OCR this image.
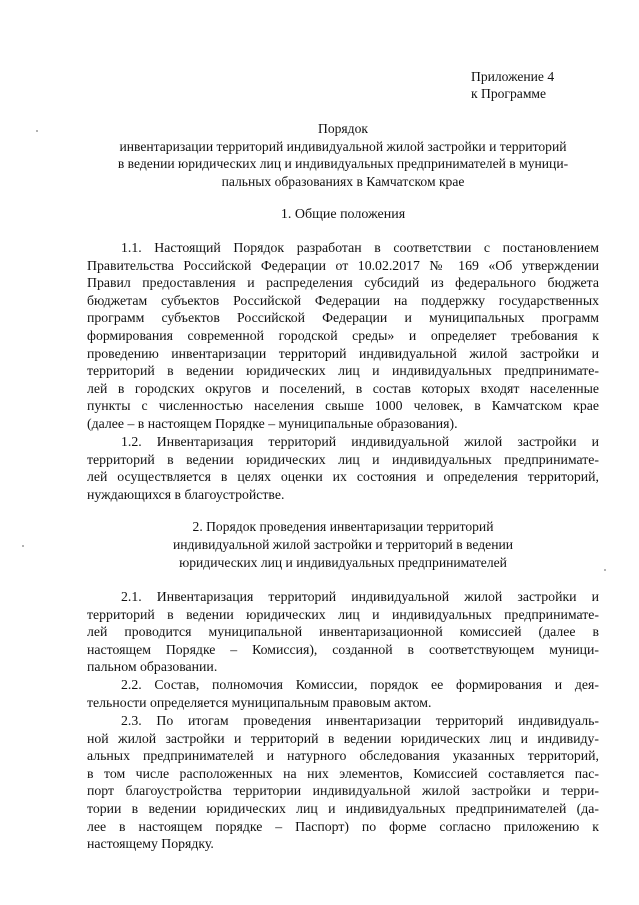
Приложение 4
к Программе
Порядок
инвентаризации территорий индивидуальной жилой застройки и территорий
в ведении юридических лиц и индивидуальных предпринимателей в муници-
пальных образованиях в Камчатском крае
1. Общие положения
1.1. Настоящий Порядок разработан в соответствии с постановлением
Правительства Российской Федерации от 10.02.2017 № 169 «Об утверждении
Правил предоставления и распределения субсидий из федерального бюджета
бюджетам субъектов Российской Федерации на поддержку государственных
программ субъектов Российской Федерации и муниципальных программ
формирования современной городской среды» и определяет требования к
проведению инвентаризации территорий индивидуальной жилой застройки и
территорий в ведении юридических лиц и индивидуальных предпринимате-
лей в городских округов и поселений, в состав которых входят населенные
пункты с численностью населения свыше 1000 человек, в Камчатском крае
(далее – в настоящем Порядке – муниципальные образования).
1.2. Инвентаризация территорий индивидуальной жилой застройки и
территорий в ведении юридических лиц и индивидуальных предпринимате-
лей осуществляется в целях оценки их состояния и определения территорий,
нуждающихся в благоустройстве.
2. Порядок проведения инвентаризации территорий
индивидуальной жилой застройки и территорий в ведении
юридических лиц и индивидуальных предпринимателей
2.1. Инвентаризация территорий индивидуальной жилой застройки и
территорий в ведении юридических лиц и индивидуальных предпринимате-
лей проводится муниципальной инвентаризационной комиссией (далее в
настоящем Порядке – Комиссия), созданной в соответствующем муници-
пальном образовании.
2.2. Состав, полномочия Комиссии, порядок ее формирования и дея-
тельности определяется муниципальным правовым актом.
2.3. По итогам проведения инвентаризации территорий индивидуаль-
ной жилой застройки и территорий в ведении юридических лиц и индивиду-
альных предпринимателей и натурного обследования указанных территорий,
в том числе расположенных на них элементов, Комиссией составляется пас-
порт благоустройства территории индивидуальной жилой застройки и терри-
тории в ведении юридических лиц и индивидуальных предпринимателей (да-
лее в настоящем порядке – Паспорт) по форме согласно приложению к
настоящему Порядку.
